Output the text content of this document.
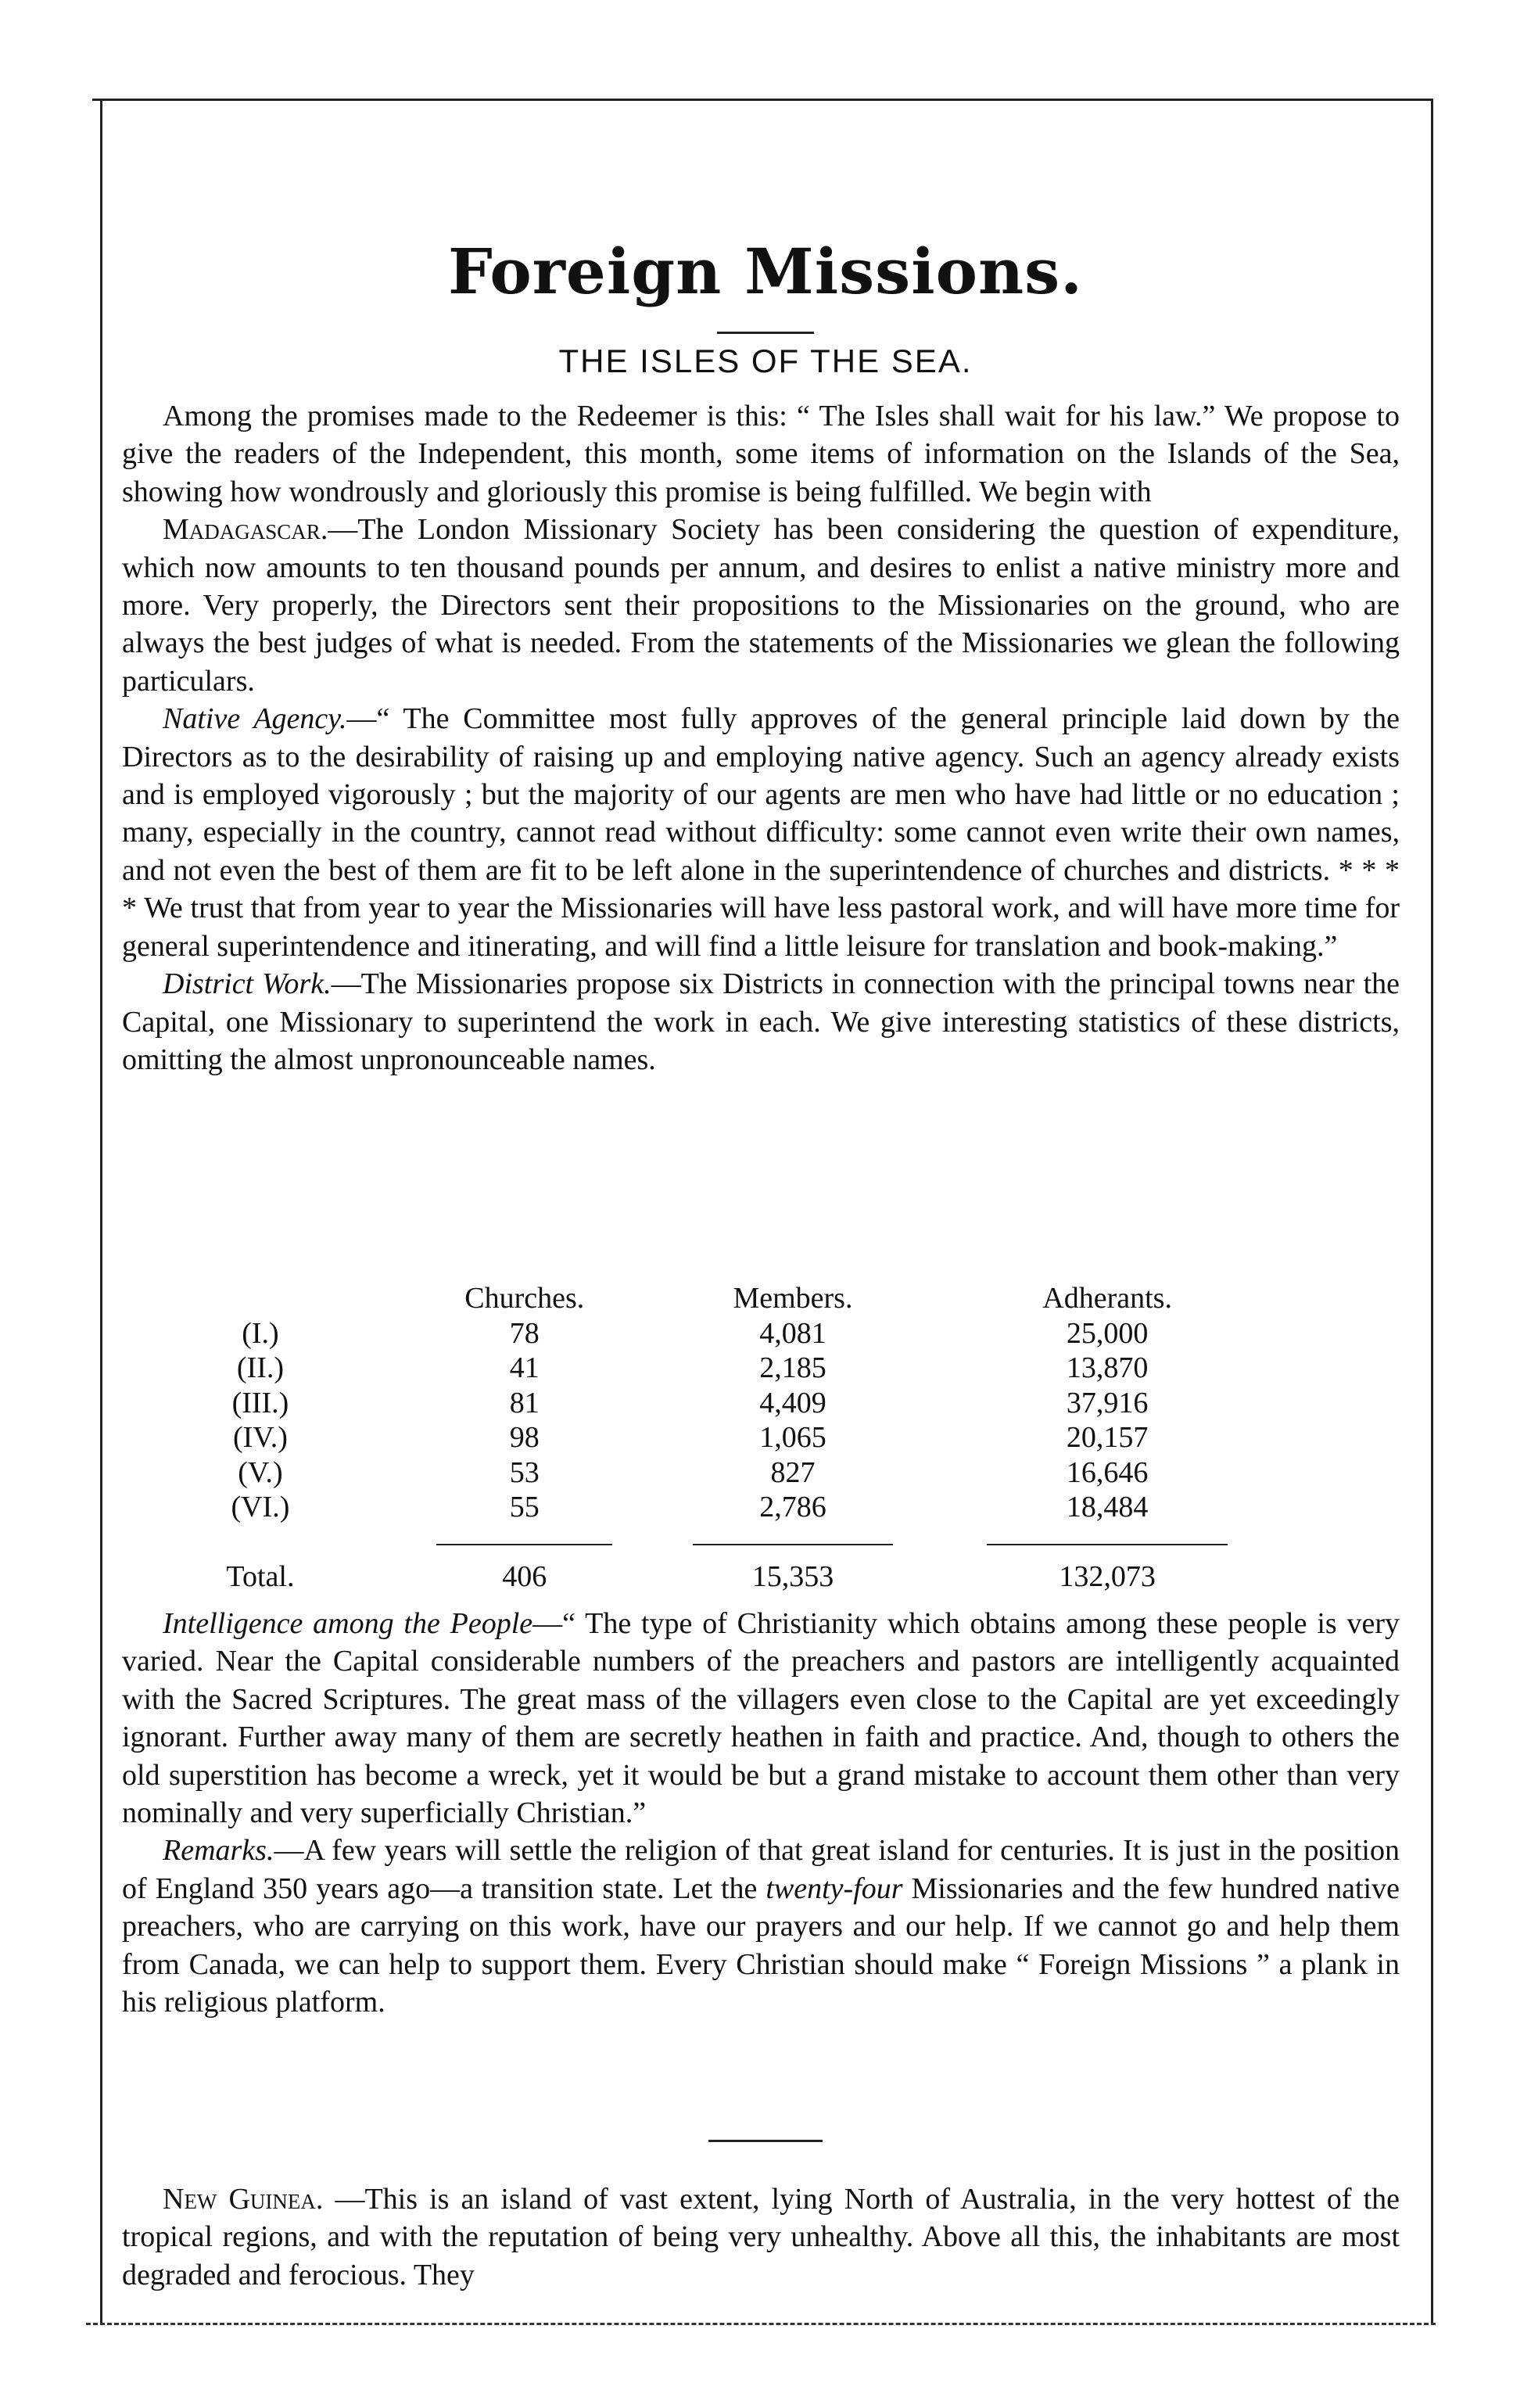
Foreign Missions.
THE ISLES OF THE SEA.

Among the promises made to the Redeemer is this: “ The Isles shall wait for his law.” We propose to give the readers of the Independent, this month, some items of information on the Islands of the Sea, showing how wondrously and gloriously this promise is being fulfilled. We begin with

Madagascar.—The London Missionary Society has been considering the question of expenditure, which now amounts to ten thousand pounds per annum, and desires to enlist a native ministry more and more. Very properly, the Directors sent their propositions to the Missionaries on the ground, who are always the best judges of what is needed. From the statements of the Missionaries we glean the following particulars.

Native Agency.—“ The Committee most fully approves of the general principle laid down by the Directors as to the desirability of raising up and employing native agency. Such an agency already exists and is employed vigorously ; but the majority of our agents are men who have had little or no education ; many, especially in the country, cannot read without difficulty: some cannot even write their own names, and not even the best of them are fit to be left alone in the superintendence of churches and districts. * * * * We trust that from year to year the Missionaries will have less pastoral work, and will have more time for general superintendence and itinerating, and will find a little leisure for translation and book-making.”

District Work.—The Missionaries propose six Districts in connection with the principal towns near the Capital, one Missionary to superintend the work in each. We give interesting statistics of these districts, omitting the almost unpronounceable names.

	Churches.	Members.	Adherants.
(I.)	78	4,081	25,000
(II.)	41	2,185	13,870
(III.)	81	4,409	37,916
(IV.)	98	1,065	20,157
(V.)	53	827	16,646
(VI.)	55	2,786	18,484

Total.	406	15,353	132,073

Intelligence among the People—“ The type of Christianity which obtains among these people is very varied. Near the Capital considerable numbers of the preachers and pastors are intelligently acquainted with the Sacred Scriptures. The great mass of the villagers even close to the Capital are yet exceedingly ignorant. Further away many of them are secretly heathen in faith and practice. And, though to others the old superstition has become a wreck, yet it would be but a grand mistake to account them other than very nominally and very superficially Christian.”

Remarks.—A few years will settle the religion of that great island for centuries. It is just in the position of England 350 years ago—a transition state. Let the twenty-four Missionaries and the few hundred native preachers, who are carrying on this work, have our prayers and our help. If we cannot go and help them from Canada, we can help to support them. Every Christian should make “ Foreign Missions ” a plank in his religious platform.

New Guinea. —This is an island of vast extent, lying North of Australia, in the very hottest of the tropical regions, and with the reputation of being very unhealthy. Above all this, the inhabitants are most degraded and ferocious. They
